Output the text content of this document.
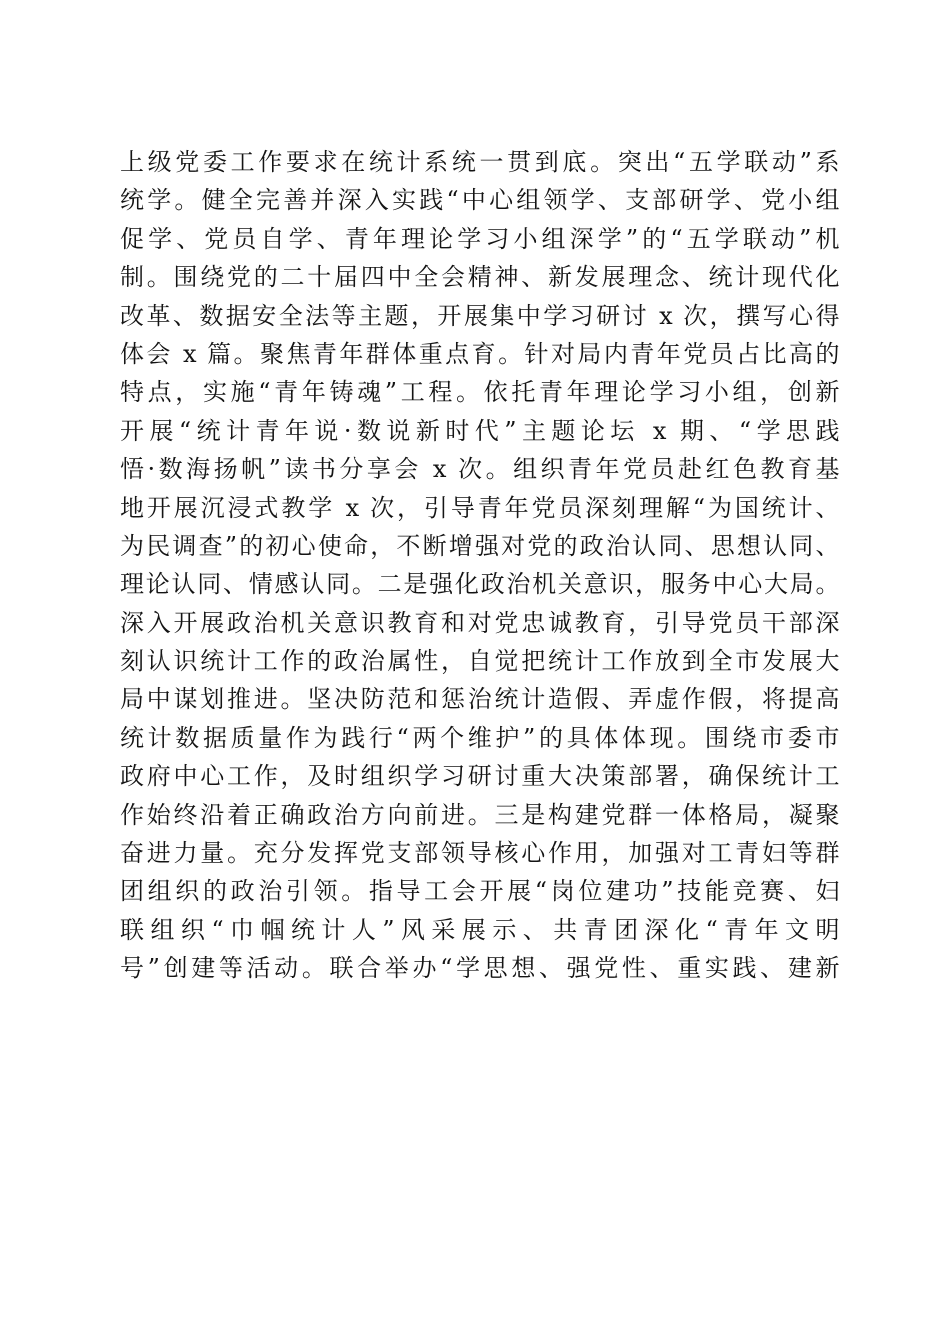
上级党委工作要求在统计系统一贯到底。突出“五学联动”系
统学。健全完善并深入实践“中心组领学、支部研学、党小组
促学、党员自学、青年理论学习小组深学”的“五学联动”机
制。围绕党的二十届四中全会精神、新发展理念、统计现代化
改革、数据安全法等主题，开展集中学习研讨 x 次，撰写心得
体会 x 篇。聚焦青年群体重点育。针对局内青年党员占比高的
特点，实施“青年铸魂”工程。依托青年理论学习小组，创新
开展“统计青年说·数说新时代”主题论坛 x 期、“学思践
悟·数海扬帆”读书分享会 x 次。组织青年党员赴红色教育基
地开展沉浸式教学 x 次，引导青年党员深刻理解“为国统计、
为民调查”的初心使命，不断增强对党的政治认同、思想认同、
理论认同、情感认同。二是强化政治机关意识，服务中心大局。
深入开展政治机关意识教育和对党忠诚教育，引导党员干部深
刻认识统计工作的政治属性，自觉把统计工作放到全市发展大
局中谋划推进。坚决防范和惩治统计造假、弄虚作假，将提高
统计数据质量作为践行“两个维护”的具体体现。围绕市委市
政府中心工作，及时组织学习研讨重大决策部署，确保统计工
作始终沿着正确政治方向前进。三是构建党群一体格局，凝聚
奋进力量。充分发挥党支部领导核心作用，加强对工青妇等群
团组织的政治引领。指导工会开展“岗位建功”技能竞赛、妇
联组织“巾帼统计人”风采展示、共青团深化“青年文明
号”创建等活动。联合举办“学思想、强党性、重实践、建新
